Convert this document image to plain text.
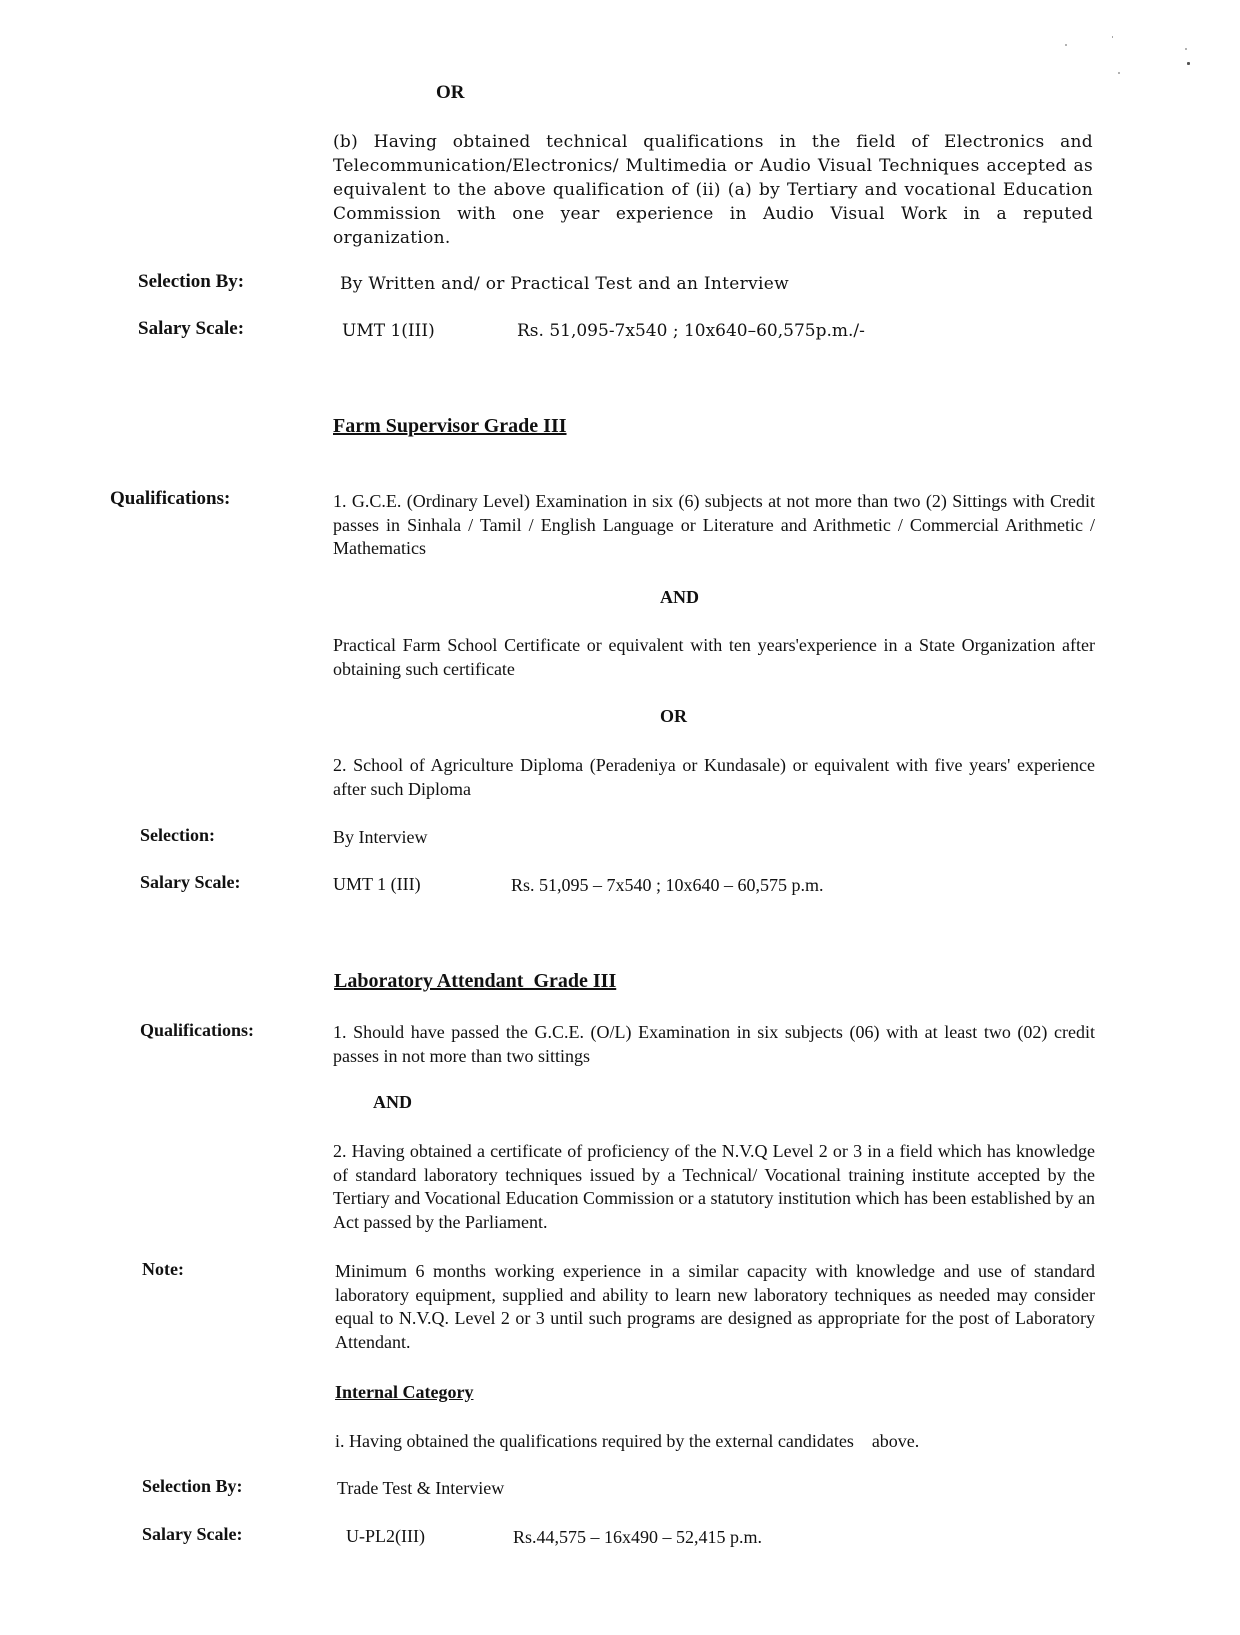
OR
(b) Having obtained technical qualifications in the field of Electronics and Telecommunication/Electronics/ Multimedia or Audio Visual Techniques accepted as equivalent to the above qualification of (ii) (a) by Tertiary and vocational Education Commission with one year experience in Audio Visual Work in a reputed organization.
Selection By:	By Written and/ or Practical Test and an Interview
Salary Scale:	UMT 1(III)	Rs. 51,095-7x540 ; 10x640–60,575p.m./-
Farm Supervisor Grade III
Qualifications:	1. G.C.E. (Ordinary Level) Examination in six (6) subjects at not more than two (2) Sittings with Credit passes in Sinhala / Tamil / English Language or Literature and Arithmetic / Commercial Arithmetic / Mathematics
AND
Practical Farm School Certificate or equivalent with ten years'experience in a State Organization after obtaining such certificate
OR
2. School of Agriculture Diploma (Peradeniya or Kundasale) or equivalent with five years' experience after such Diploma
Selection:	By Interview
Salary Scale:	UMT 1 (III)	Rs. 51,095 – 7x540 ; 10x640 – 60,575 p.m.
Laboratory Attendant  Grade III
Qualifications:	1. Should have passed the G.C.E. (O/L) Examination in six subjects (06) with at least two (02) credit passes in not more than two sittings
AND
2. Having obtained a certificate of proficiency of the N.V.Q Level 2 or 3 in a field which has knowledge of standard laboratory techniques issued by a Technical/ Vocational training institute accepted by the Tertiary and Vocational Education Commission or a statutory institution which has been established by an Act passed by the Parliament.
Note:	Minimum 6 months working experience in a similar capacity with knowledge and use of standard laboratory equipment, supplied and ability to learn new laboratory techniques as needed may consider equal to N.V.Q. Level 2 or 3 until such programs are designed as appropriate for the post of Laboratory Attendant.
Internal Category
i. Having obtained the qualifications required by the external candidates    above.
Selection By:	Trade Test & Interview
Salary Scale:	U-PL2(III)	Rs.44,575 – 16x490 – 52,415 p.m.
